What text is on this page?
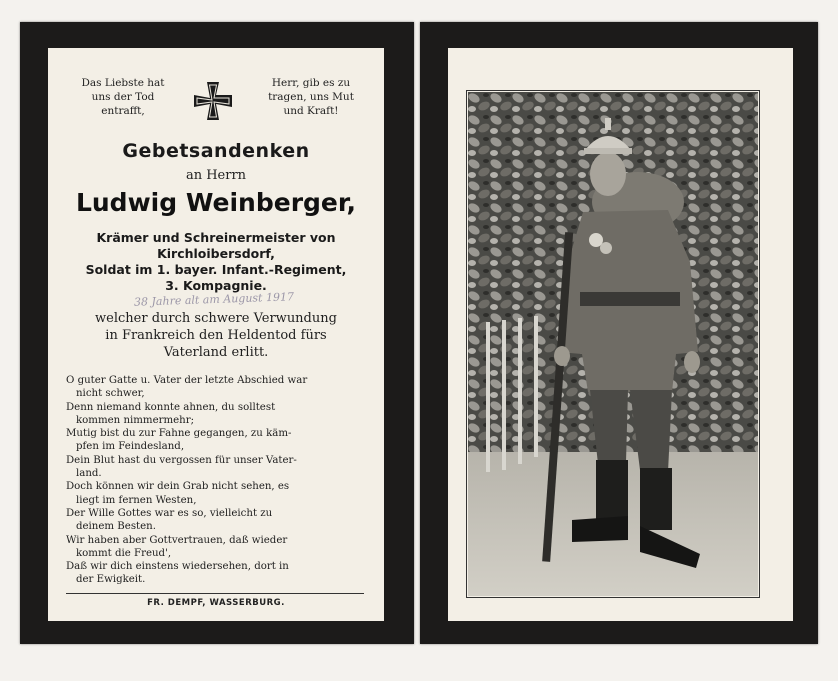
Das Liebste hat
uns der Tod
entrafft,
Herr, gib es zu
tragen, uns Mut
und Kraft!
Gebetsandenken
an Herrn
Ludwig Weinberger,
Krämer und Schreinermeister von
Kirchloibersdorf,
Soldat im 1. bayer. Infant.-Regiment,
3. Kompagnie.
38 Jahre alt am August 1917
welcher durch schwere Verwundung
in Frankreich den Heldentod fürs
Vaterland erlitt.

O guter Gatte u. Vater der letzte Abschied war

nicht schwer,

Denn niemand konnte ahnen, du solltest

kommen nimmermehr;

Mutig bist du zur Fahne gegangen, zu käm-

pfen im Feindesland,

Dein Blut hast du vergossen für unser Vater-

land.

Doch können wir dein Grab nicht sehen, es

liegt im fernen Westen,

Der Wille Gottes war es so, vielleicht zu

deinem Besten.

Wir haben aber Gottvertrauen, daß wieder

kommt die Freud',

Daß wir dich einstens wiedersehen, dort in

der Ewigkeit.

FR. DEMPF, WASSERBURG.
